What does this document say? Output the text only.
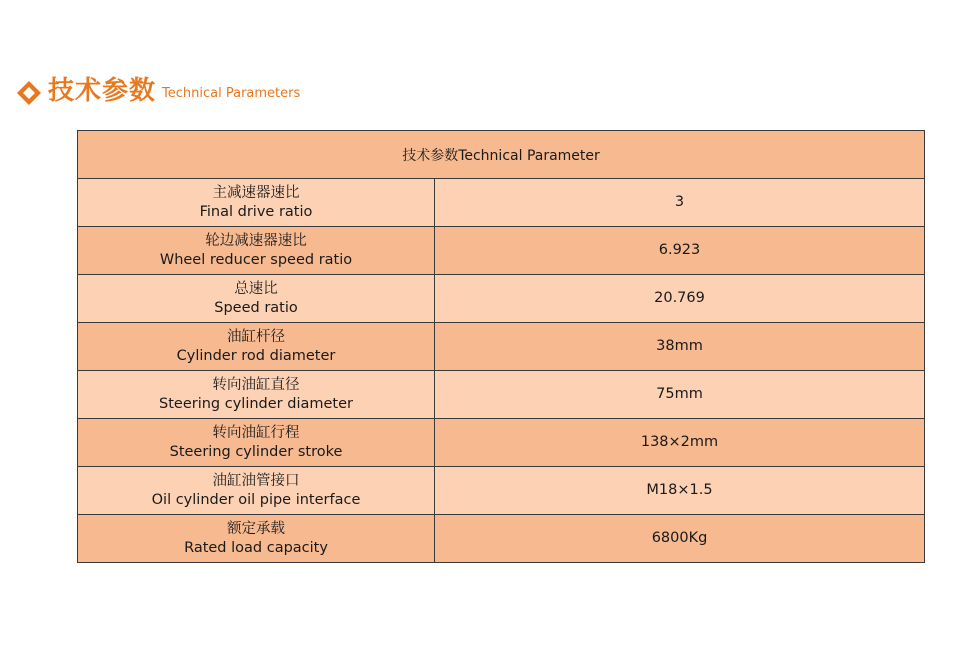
技术参数 Technical Parameters
技术参数Technical Parameter	

主减速器速比
Final drive ratio	3

轮边减速器速比
Wheel reducer speed ratio	6.923

总速比
Speed ratio	20.769

油缸杆径
Cylinder rod diameter	38mm

转向油缸直径
Steering cylinder diameter	75mm

转向油缸行程
Steering cylinder stroke	138×2mm

油缸油管接口
Oil cylinder oil pipe interface	M18×1.5

额定承载
Rated load capacity	6800Kg
